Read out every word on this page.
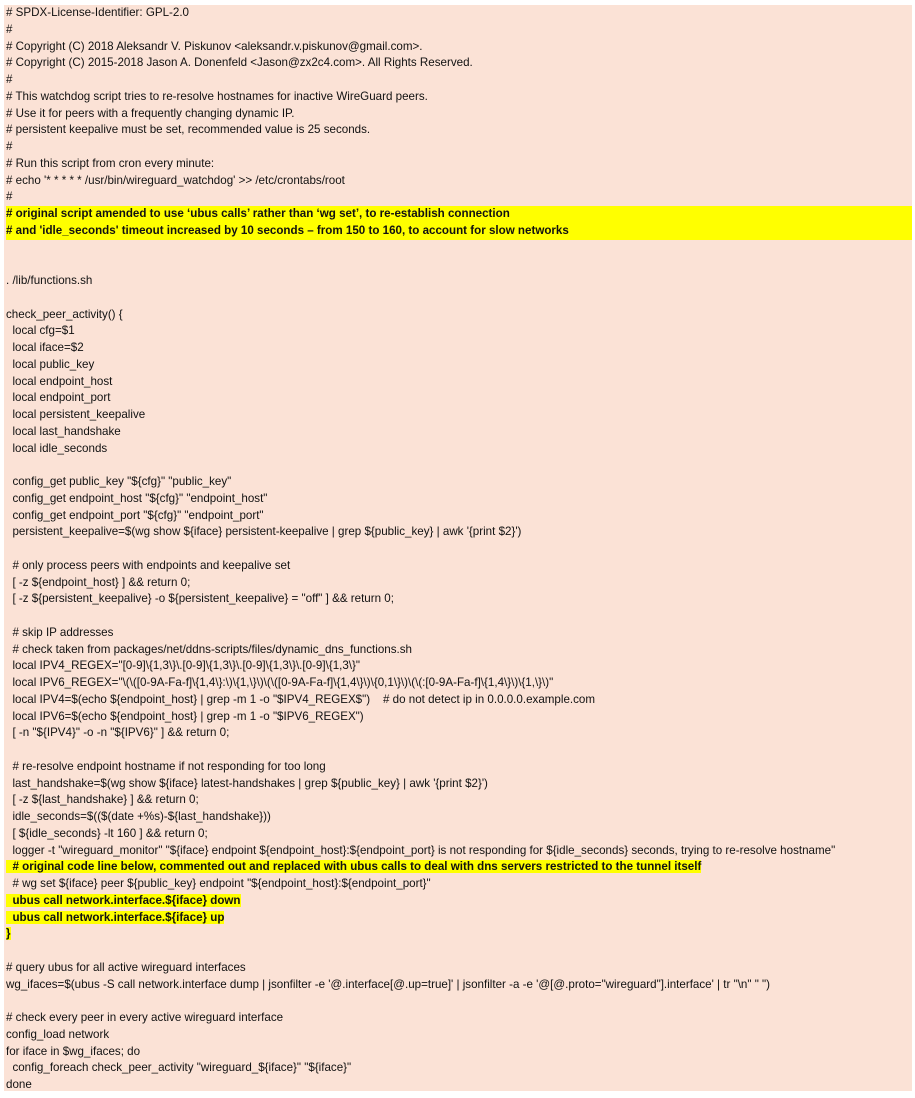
# SPDX-License-Identifier: GPL-2.0
#
# Copyright (C) 2018 Aleksandr V. Piskunov <aleksandr.v.piskunov@gmail.com>.
# Copyright (C) 2015-2018 Jason A. Donenfeld <Jason@zx2c4.com>. All Rights Reserved.
#
# This watchdog script tries to re-resolve hostnames for inactive WireGuard peers.
# Use it for peers with a frequently changing dynamic IP.
# persistent keepalive must be set, recommended value is 25 seconds.
#
# Run this script from cron every minute:
# echo '* * * * * /usr/bin/wireguard_watchdog' >> /etc/crontabs/root
#
# original script amended to use ‘ubus calls’ rather than ‘wg set’, to re-establish connection
# and 'idle_seconds' timeout increased by 10 seconds – from 150 to 160, to account for slow networks
. /lib/functions.sh
check_peer_activity() {
local cfg=$1
local iface=$2
local public_key
local endpoint_host
local endpoint_port
local persistent_keepalive
local last_handshake
local idle_seconds
config_get public_key "${cfg}" "public_key"
config_get endpoint_host "${cfg}" "endpoint_host"
config_get endpoint_port "${cfg}" "endpoint_port"
persistent_keepalive=$(wg show ${iface} persistent-keepalive | grep ${public_key} | awk '{print $2}')
# only process peers with endpoints and keepalive set
[ -z ${endpoint_host} ] && return 0;
[ -z ${persistent_keepalive} -o ${persistent_keepalive} = "off" ] && return 0;
# skip IP addresses
# check taken from packages/net/ddns-scripts/files/dynamic_dns_functions.sh
local IPV4_REGEX="[0-9]\{1,3\}\.[0-9]\{1,3\}\.[0-9]\{1,3\}\.[0-9]\{1,3\}"
local IPV6_REGEX="\(\([0-9A-Fa-f]\{1,4\}:\)\{1,\}\)\(\([0-9A-Fa-f]\{1,4\}\)\{0,1\}\)\(\(:[0-9A-Fa-f]\{1,4\}\)\{1,\}\)"
local IPV4=$(echo ${endpoint_host} | grep -m 1 -o "$IPV4_REGEX$")    # do not detect ip in 0.0.0.0.example.com
local IPV6=$(echo ${endpoint_host} | grep -m 1 -o "$IPV6_REGEX")
[ -n "${IPV4}" -o -n "${IPV6}" ] && return 0;
# re-resolve endpoint hostname if not responding for too long
last_handshake=$(wg show ${iface} latest-handshakes | grep ${public_key} | awk '{print $2}')
[ -z ${last_handshake} ] && return 0;
idle_seconds=$(($(date +%s)-${last_handshake}))
[ ${idle_seconds} -lt 160 ] && return 0;
logger -t "wireguard_monitor" "${iface} endpoint ${endpoint_host}:${endpoint_port} is not responding for ${idle_seconds} seconds, trying to re-resolve hostname"
# original code line below, commented out and replaced with ubus calls to deal with dns servers restricted to the tunnel itself
# wg set ${iface} peer ${public_key} endpoint "${endpoint_host}:${endpoint_port}"
ubus call network.interface.${iface} down
ubus call network.interface.${iface} up
}
# query ubus for all active wireguard interfaces
wg_ifaces=$(ubus -S call network.interface dump | jsonfilter -e '@.interface[@.up=true]' | jsonfilter -a -e '@[@.proto="wireguard"].interface' | tr "\n" " ")
# check every peer in every active wireguard interface
config_load network
for iface in $wg_ifaces; do
config_foreach check_peer_activity "wireguard_${iface}" "${iface}"
done
